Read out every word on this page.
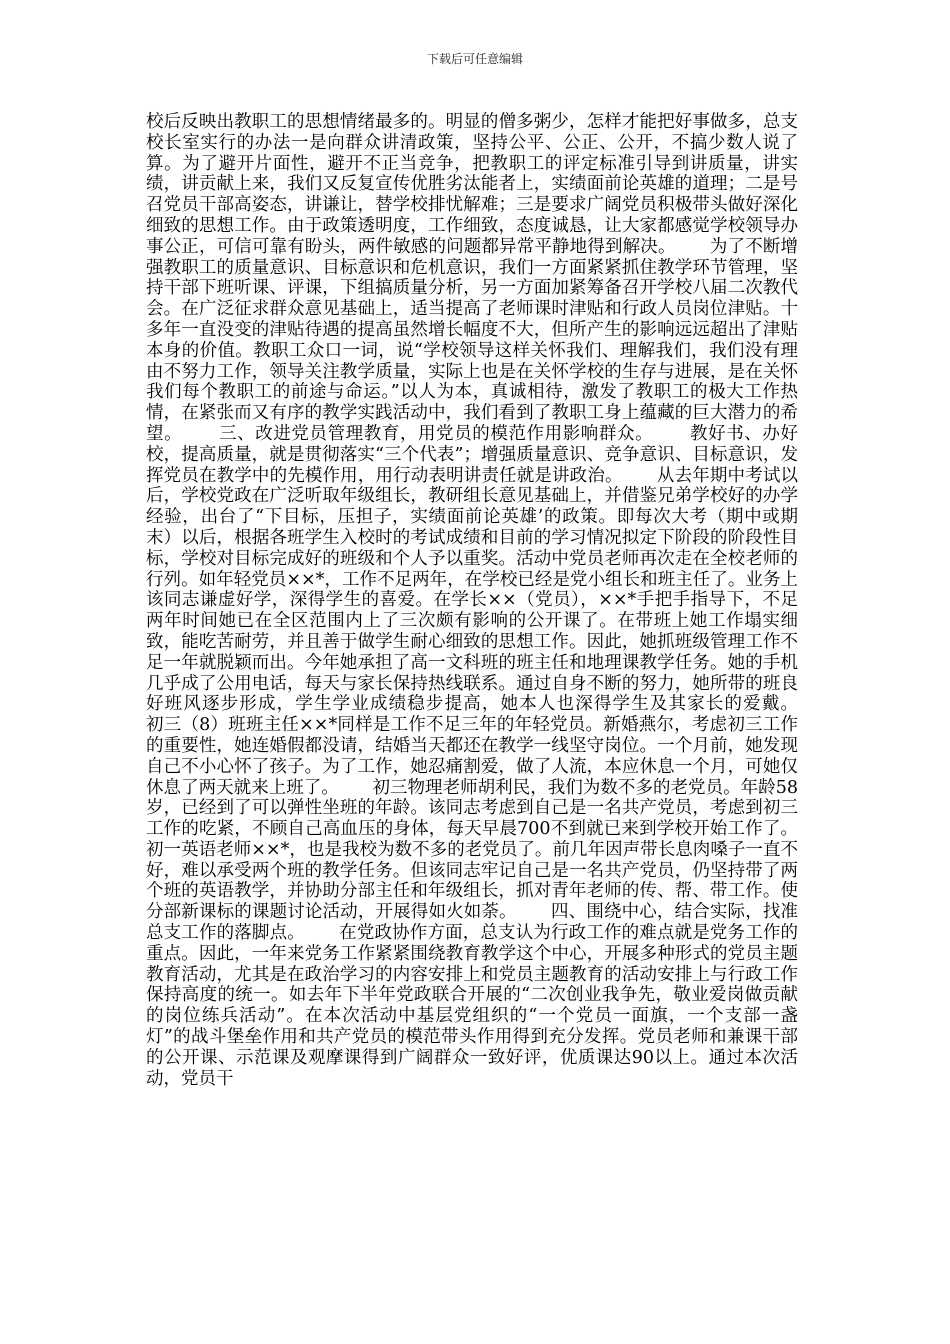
下载后可任意编辑

校后反映出教职工的思想情绪最多的。明显的僧多粥少，怎样才能把好事做多，总支校长室实行的办法一是向群众讲清政策，坚持公平、公正、公开，不搞少数人说了算。为了避开片面性，避开不正当竞争，把教职工的评定标准引导到讲质量，讲实绩，讲贡献上来，我们又反复宣传优胜劣汰能者上，实绩面前论英雄的道理；二是号召党员干部高姿态，讲谦让，替学校排忧解难；三是要求广阔党员积极带头做好深化细致的思想工作。由于政策透明度，工作细致，态度诚恳，让大家都感觉学校领导办事公正，可信可靠有盼头，两件敏感的问题都异常平静地得到解决。      为了不断增强教职工的质量意识、目标意识和危机意识，我们一方面紧紧抓住教学环节管理，坚持干部下班听课、评课，下组搞质量分析，另一方面加紧筹备召开学校八届二次教代会。在广泛征求群众意见基础上，适当提高了老师课时津贴和行政人员岗位津贴。十多年一直没变的津贴待遇的提高虽然增长幅度不大，但所产生的影响远远超出了津贴本身的价值。教职工众口一词，说“学校领导这样关怀我们、理解我们，我们没有理由不努力工作，领导关注教学质量，实际上也是在关怀学校的生存与进展，是在关怀我们每个教职工的前途与命运。”以人为本，真诚相待，激发了教职工的极大工作热情，在紧张而又有序的教学实践活动中，我们看到了教职工身上蕴藏的巨大潜力的希望。      三、改进党员管理教育，用党员的模范作用影响群众。      教好书、办好校，提高质量，就是贯彻落实“三个代表”；增强质量意识、竞争意识、目标意识，发挥党员在教学中的先模作用，用行动表明讲责任就是讲政治。      从去年期中考试以后，学校党政在广泛听取年级组长，教研组长意见基础上，并借鉴兄弟学校好的办学经验，出台了“下目标，压担子，实绩面前论英雄’的政策。即每次大考（期中或期末）以后，根据各班学生入校时的考试成绩和目前的学习情况拟定下阶段的阶段性目标，学校对目标完成好的班级和个人予以重奖。活动中党员老师再次走在全校老师的行列。如年轻党员××*，工作不足两年，在学校已经是党小组长和班主任了。业务上该同志谦虚好学，深得学生的喜爱。在学长××（党员），××*手把手指导下，不足两年时间她已在全区范围内上了三次颇有影响的公开课了。在带班上她工作塌实细致，能吃苦耐劳，并且善于做学生耐心细致的思想工作。因此，她抓班级管理工作不足一年就脱颖而出。今年她承担了高一文科班的班主任和地理课教学任务。她的手机几乎成了公用电话，每天与家长保持热线联系。通过自身不断的努力，她所带的班良好班风逐步形成，学生学业成绩稳步提高，她本人也深得学生及其家长的爱戴。      初三（8）班班主任××*同样是工作不足三年的年轻党员。新婚燕尔，考虑初三工作的重要性，她连婚假都没请，结婚当天都还在教学一线坚守岗位。一个月前，她发现自己不小心怀了孩子。为了工作，她忍痛割爱，做了人流，本应休息一个月，可她仅休息了两天就来上班了。      初三物理老师胡利民，我们为数不多的老党员。年龄58岁，已经到了可以弹性坐班的年龄。该同志考虑到自己是一名共产党员，考虑到初三工作的吃紧，不顾自己高血压的身体，每天早晨700不到就已来到学校开始工作了。初一英语老师××*，也是我校为数不多的老党员了。前几年因声带长息肉嗓子一直不好，难以承受两个班的教学任务。但该同志牢记自己是一名共产党员，仍坚持带了两个班的英语教学，并协助分部主任和年级组长，抓对青年老师的传、帮、带工作。使分部新课标的课题讨论活动，开展得如火如荼。      四、围绕中心，结合实际，找准总支工作的落脚点。      在党政协作方面，总支认为行政工作的难点就是党务工作的重点。因此，一年来党务工作紧紧围绕教育教学这个中心，开展多种形式的党员主题教育活动，尤其是在政治学习的内容安排上和党员主题教育的活动安排上与行政工作保持高度的统一。如去年下半年党政联合开展的“二次创业我争先，敬业爱岗做贡献的岗位练兵活动”。在本次活动中基层党组织的“一个党员一面旗，一个支部一盏灯”的战斗堡垒作用和共产党员的模范带头作用得到充分发挥。党员老师和兼课干部的公开课、示范课及观摩课得到广阔群众一致好评，优质课达90以上。通过本次活动，党员干
